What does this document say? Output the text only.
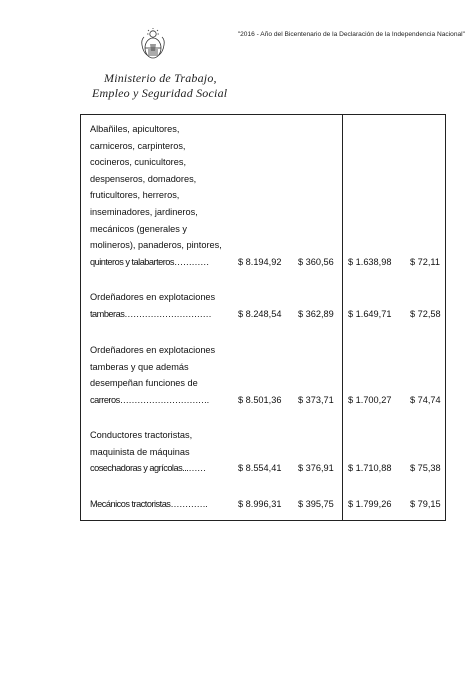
"2016 - Año del Bicentenario de la Declaración de la Independencia Nacional"
Ministerio de Trabajo,
Empleo y Seguridad Social
Albañiles, apicultores,
carniceros, carpinteros,
cocineros, cunicultores,
despenseros, domadores,
fruticultores, herreros,
inseminadores, jardineros,
mecánicos (generales y
molineros), panaderos, pintores,
quinteros y talabarteros…………	$ 8.194,92 $ 360,56 $ 1.638,98 $ 72,11
Ordeñadores en explotaciones
tamberas…………………………	$ 8.248,54 $ 362,89 $ 1.649,71 $ 72,58
Ordeñadores en explotaciones
tamberas y que además
desempeñan funciones de
carreros………………………….	$ 8.501,36 $ 373,71 $ 1.700,27 $ 74,74
Conductores tractoristas,
maquinista de máquinas
cosechadoras y agrícolas...……	$ 8.554,41 $ 376,91 $ 1.710,88 $ 75,38
Mecánicos tractoristas………….	$ 8.996,31 $ 395,75 $ 1.799,26 $ 79,15
